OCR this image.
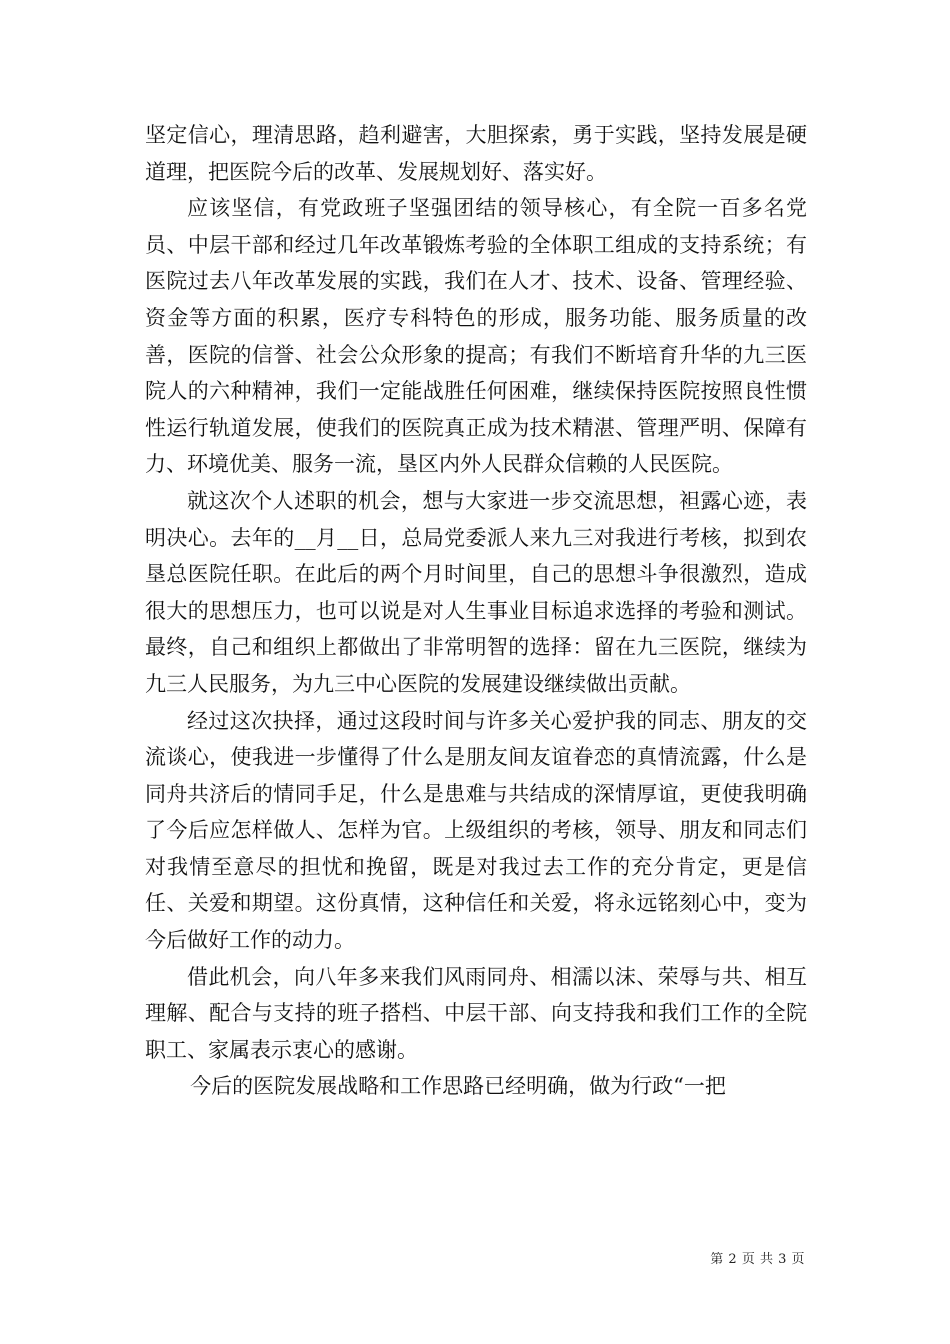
坚定信心，理清思路，趋利避害，大胆探索，勇于实践，坚持发展是硬道理，把医院今后的改革、发展规划好、落实好。

应该坚信，有党政班子坚强团结的领导核心，有全院一百多名党员、中层干部和经过几年改革锻炼考验的全体职工组成的支持系统；有医院过去八年改革发展的实践，我们在人才、技术、设备、管理经验、资金等方面的积累，医疗专科特色的形成，服务功能、服务质量的改善，医院的信誉、社会公众形象的提高；有我们不断培育升华的九三医院人的六种精神，我们一定能战胜任何困难，继续保持医院按照良性惯性运行轨道发展，使我们的医院真正成为技术精湛、管理严明、保障有力、环境优美、服务一流，垦区内外人民群众信赖的人民医院。

就这次个人述职的机会，想与大家进一步交流思想，袒露心迹，表明决心。去年的__月__日，总局党委派人来九三对我进行考核，拟到农垦总医院任职。在此后的两个月时间里，自己的思想斗争很激烈，造成很大的思想压力，也可以说是对人生事业目标追求选择的考验和测试。最终，自己和组织上都做出了非常明智的选择：留在九三医院，继续为九三人民服务，为九三中心医院的发展建设继续做出贡献。

经过这次抉择，通过这段时间与许多关心爱护我的同志、朋友的交流谈心，使我进一步懂得了什么是朋友间友谊眷恋的真情流露，什么是同舟共济后的情同手足，什么是患难与共结成的深情厚谊，更使我明确了今后应怎样做人、怎样为官。上级组织的考核，领导、朋友和同志们对我情至意尽的担忧和挽留，既是对我过去工作的充分肯定，更是信任、关爱和期望。这份真情，这种信任和关爱，将永远铭刻心中，变为今后做好工作的动力。

借此机会，向八年多来我们风雨同舟、相濡以沫、荣辱与共、相互理解、配合与支持的班子搭档、中层干部、向支持我和我们工作的全院职工、家属表示衷心的感谢。

今后的医院发展战略和工作思路已经明确，做为行政“一把

第 2 页 共 3 页
